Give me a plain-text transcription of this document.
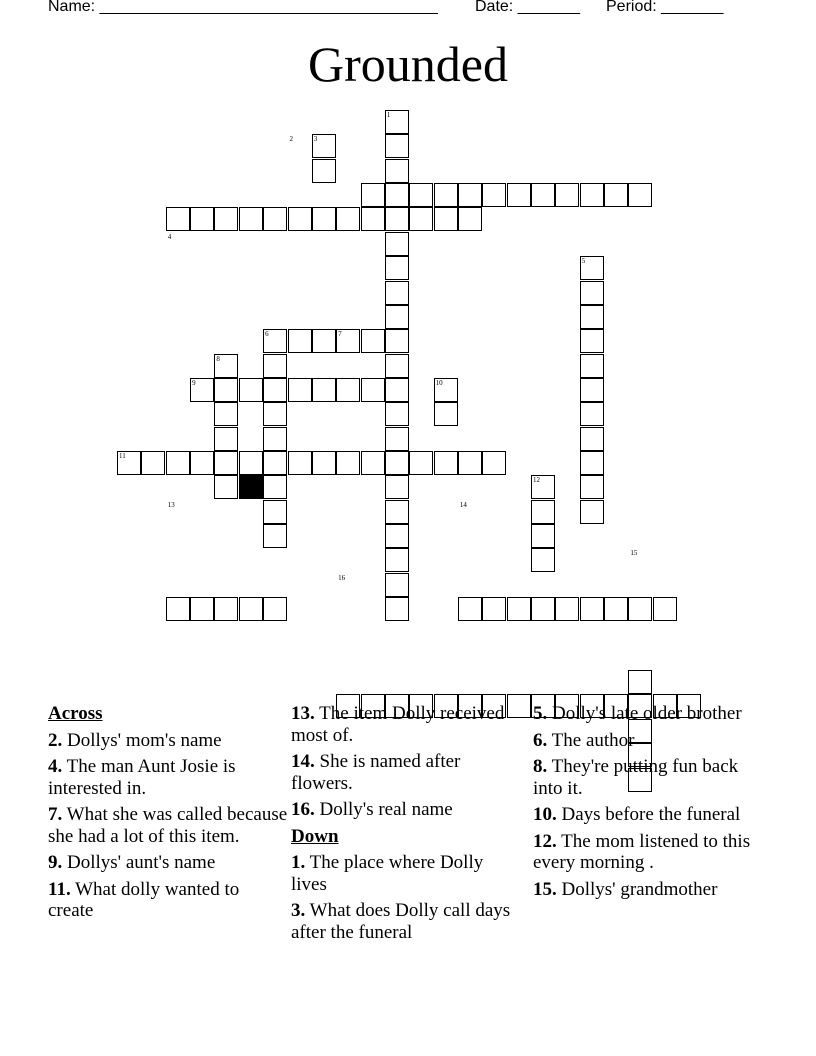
Name: ______________________________________ Date: _______ Period: _______
Grounded
1
2	3
4
5
6	7
8
9	10
11
12
13	14
15
16
Across
2. Dollys' mom's name
4. The man Aunt Josie is interested in.
7. What she was called because she had a lot of this item.
9. Dollys' aunt's name
11. What dolly wanted to create
13. The item Dolly received most of.
14. She is named after flowers.
16. Dolly's real name
Down
1. The place where Dolly lives
3. What does Dolly call days after the funeral
5. Dolly's late older brother
6. The author
8. They're putting fun back into it.
10. Days before the funeral
12. The mom listened to this every morning .
15. Dollys' grandmother
